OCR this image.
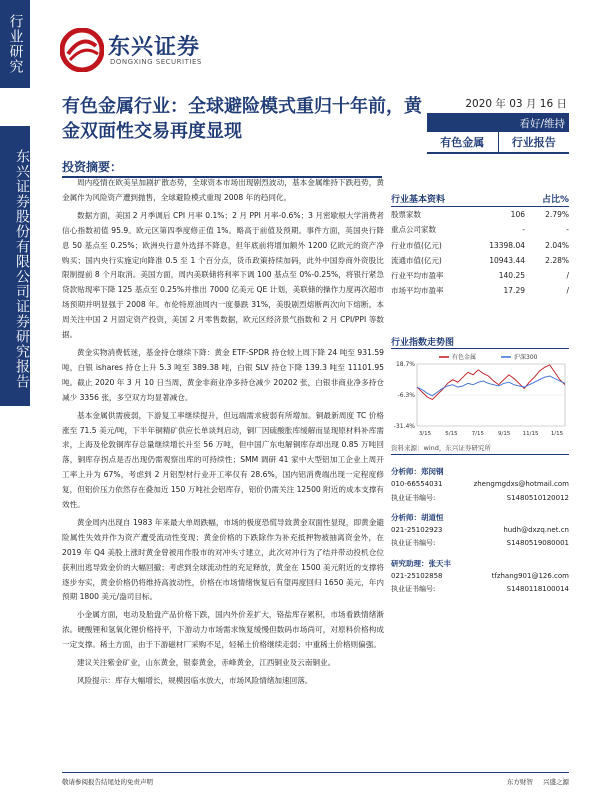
行业研究
东兴证券股份有限公司证券研究报告
东兴证券
DONGXING SECURITIES
有色金属行业：全球避险模式重归十年前，黄金双面性交易再度显现
2020 年 03 月 16 日
看好/维持
有色金属	行业报告
投资摘要：

周内疫情在欧美呈加剧扩散态势，全球资本市场出现剧烈波动，基本金属维持下跌趋势，黄金属作为风险资产遭到抛售，全球避险模式重现 2008 年的趋同化。

数据方面，美国 2 月季调后 CPI 月率 0.1%；2 月 PPI 月率-0.6%；3 月密歇根大学消费者信心指数初值 95.9。欧元区第四季度修正值 1%。略高于前值及预期。事件方面，英国央行降息 50 基点至 0.25%；欧洲央行意外选择不降息，但年底前将增加额外 1200 亿欧元的资产净购买；国内央行实施定向降准 0.5 至 1 个百分点，货币政策持续加码，此外中国券商外资股比限制提前 8 个月取消。美国方面，周内美联储将利率下调 100 基点至 0%-0.25%，将银行紧急贷款贴现率下降 125 基点至 0.25%并推出 7000 亿美元 QE 计划，美联储的操作力度再次超市场预期并明显强于 2008 年。布伦特原油周内一度暴跌 31%，美股剧烈熔断两次向下熔断。本周关注中国 2 月固定资产投资，美国 2 月零售数据，欧元区经济景气指数和 2 月 CPI/PPI 等数据。

黄金实物消费低迷，基金持仓继续下降：黄金 ETF-SPDR 持仓较上周下降 24 吨至 931.59 吨，白银 ishares 持仓上升 5.3 吨至 389.38 吨，白银 SLV 持仓下降 139.3 吨至 11101.95 吨。截止 2020 年 3 月 10 日当周，黄金非商业净多持仓减少 20202 张，白银非商业净多持仓减少 3356 张，多空双方均显著减仓。

基本金属供需疲弱，下游复工率继续提升，但远端需求疲弱有所增加。铜最新周度 TC 价格涨至 71.5 美元/吨，下半年铜精矿供应长单谈判启动，铜厂因硫酸胀库缓解而显现原材料补库需求，上海及伦敦铜库存总量继续增长升至 56 万吨，但中国广东电解铜库存却出现 0.85 万吨回落，铜库存拐点是否出现仍需观察出库的可持续性；SMM 调研 41 家中大型铝加工企业上周开工率上升为 67%，考虑到 2 月铝型材行业开工率仅有 28.6%，国内铝消费端出现一定程度修复，但铝价压力依然存在叠加近 150 万吨社会铝库存，铝价仍需关注 12500 附近的成本支撑有效性。

黄金周内出现自 1983 年来最大单周跌幅，市场的极度恐慌导致黄金双面性显现，即黄金避险属性失效并作为资产遭受流动性变现；黄金价格的下跌除作为补充抵押物被抽离资金外，在 2019 年 Q4 美股上涨时黄金曾被用作股市的对冲头寸建立，此次对冲行为了结并带动投机仓位获利出逃导致金价的大幅回撤；考虑到全球流动性的充足释放，黄金在 1500 美元附近的支撑将逐步夯实，黄金价格仍将维持高波动性，价格在市场情绪恢复后有望再度回归 1650 美元，年内预期 1800 美元/盎司目标。

小金属方面，电动及胎盘产品价格下跌，国内外价差扩大，铬盐库存累积，市场看跌情绪渐浓。硬酸锂和氢氧化锂价格持平，下游动力市场需求恢复缓慢但数码市场尚可，对原料价格构成一定支撑。稀土方面，由于下游磁材厂采购不足，轻稀土价格继续走弱；中重稀土价格则偏强。

建议关注紫金矿业，山东黄金，银泰黄金，赤峰黄金，江西铜业及云南铜业。

风险提示：库存大幅增长，规模因临水放大，市场风险情绪加速回落。

行业基本资料	占比%
股票家数	106	2.79%
重点公司家数	-	-
行业市值(亿元)	13398.04	2.04%
流通市值(亿元)	10943.44	2.28%
行业平均市盈率	140.25	/
市场平均市盈率	17.29	/
行业指数走势图
18.7%
-6.3%
-31.4%
3/15	5/15	7/15	9/15 11/15 1/15
有色金属	沪深300
资料来源：wind，东兴证券研究所
分析师：郑闵钢
010-66554031	zhengmgdxs@hotmail.com
执业证书编号:	S1480510120012
分析师：胡道恒
021-25102923	hudh@dxzq.net.cn
执业证书编号:	S1480519080001
研究助理：张天丰
021-25102858	tfzhang901@126.com
执业证书编号:	S1480118100014
敬请参阅报告结尾处的免责声明	东方财智 兴盛之源
